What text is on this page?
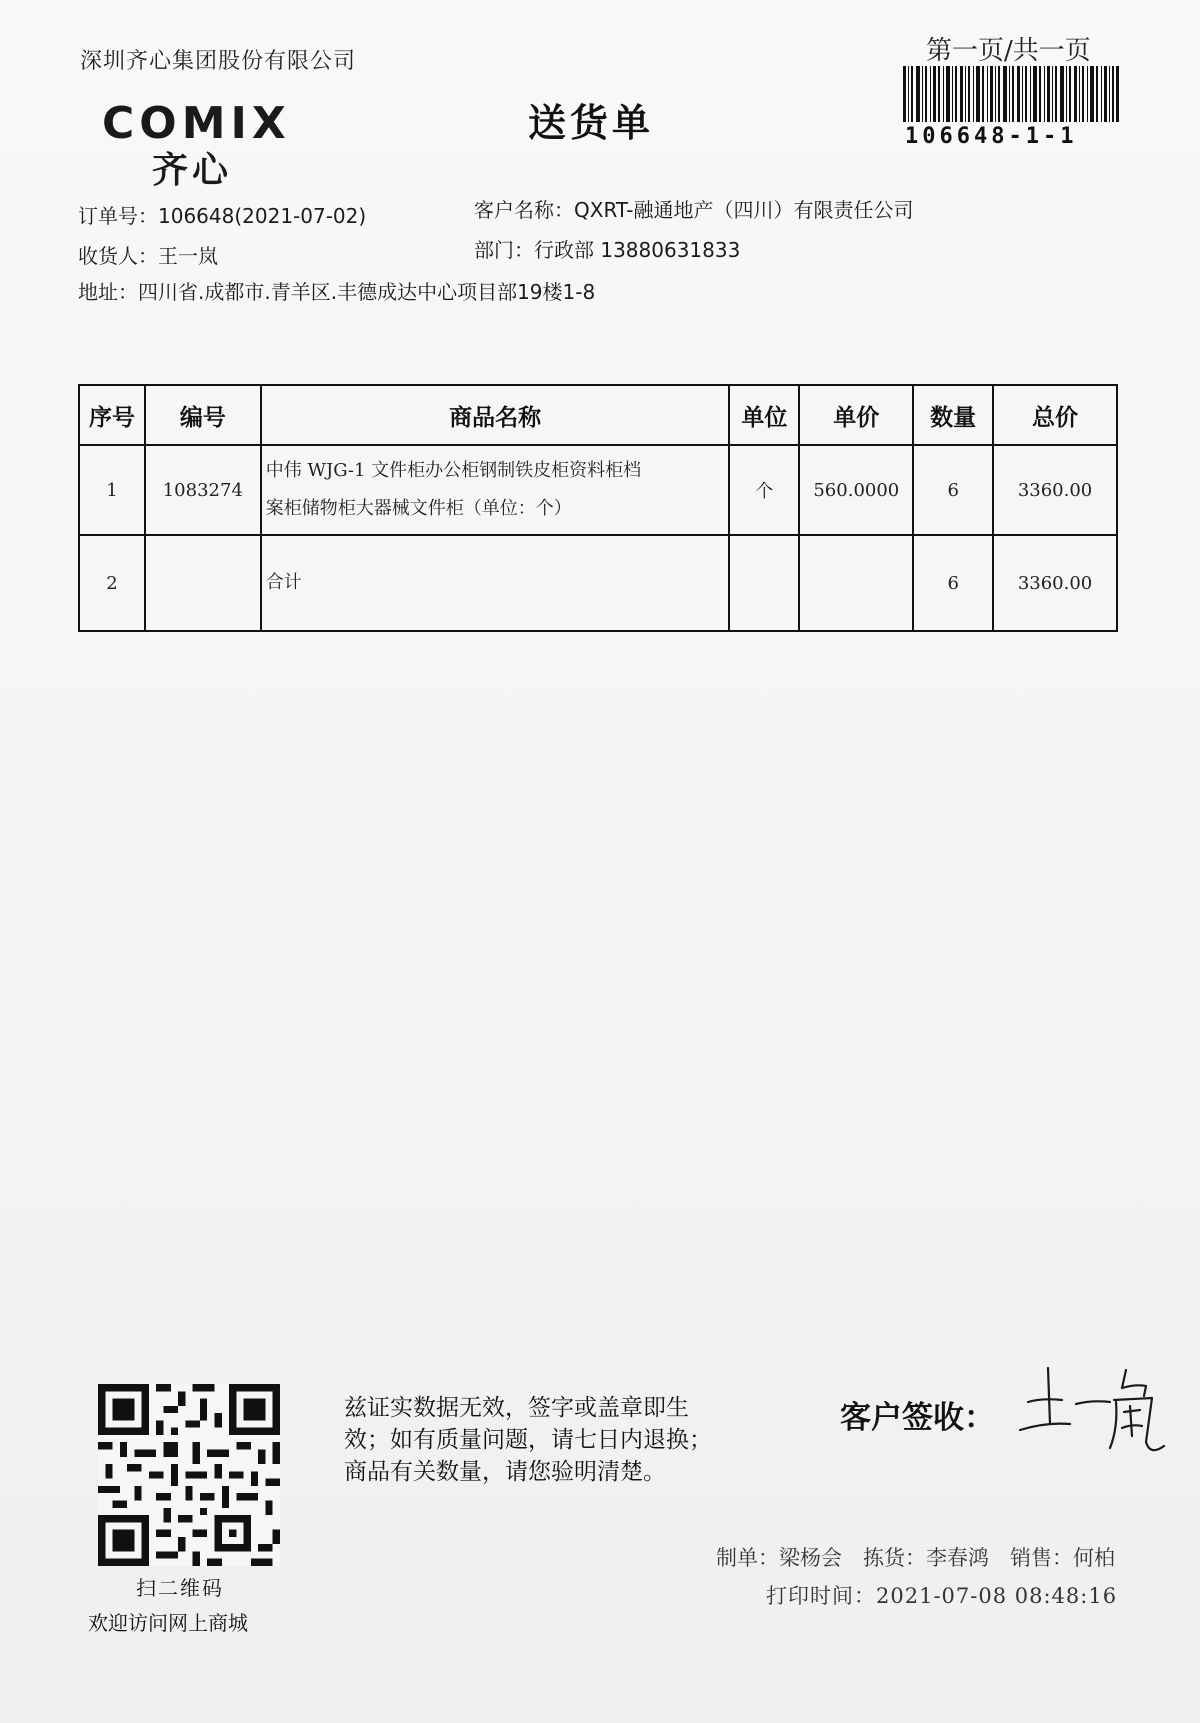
深圳齐心集团股份有限公司	第一页/共一页
106648-1-1
COMIX
齐心
送货单
订单号：106648(2021-07-02)
收货人：王一岚
地址：四川省.成都市.青羊区.丰德成达中心项目部19楼1-8
客户名称：QXRT-融通地产（四川）有限责任公司
部门：行政部 13880631833
序号	编号	商品名称	单位	单价	数量	总价
1	1083274	中伟 WJG-1 文件柜办公柜钢制铁皮柜资料柜档
案柜储物柜大器械文件柜（单位：个）	个	560.0000	6	3360.00
2		合计			6	3360.00
扫二维码
欢迎访问网上商城
兹证实数据无效，签字或盖章即生
效；如有质量问题，请七日内退换；
商品有关数量，请您验明清楚。
客户签收：
制单：梁杨会　拣货：李春鸿　销售：何柏
打印时间：2021-07-08 08:48:16
